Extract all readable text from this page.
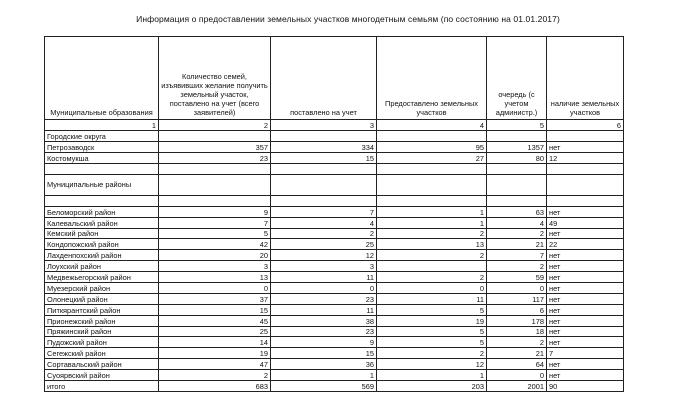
Информация о предоставлении земельных участков многодетным семьям (по состоянию на 01.01.2017)
Муниципальные образования	Количество семей, изъявивших желание получить земельный участок, поставлено на учет (всего заявителей)	поставлено на учет	Предоставлено земельных участков	очередь (с учетом администр.)	наличие земельных участков
1	2	3	4	5	6
Городские округа					
Петрозаводск	357	334	95	1357	нет
Костомукша	23	15	27	80	12

Муниципальные районы					

Беломорский район	9	7	1	63	нет
Калевальский район	7	4	1	4	49
Кемский район	5	2	2	2	нет
Кондопожский район	42	25	13	21	22
Лахденпохский район	20	12	2	7	нет
Лоухский район	3	3		2	нет
Медвежьегорский район	13	11	2	59	нет
Муезерский район	0	0	0	0	нет
Олонецкий район	37	23	11	117	нет
Питкярантский район	15	11	5	6	нет
Прионежский район	45	38	19	178	нет
Пряжинский район	25	23	5	18	нет
Пудожский район	14	9	5	2	нет
Сегежский район	19	15	2	21	7
Сортавальский район	47	36	12	64	нет
Суоярвский район	2	1	1	0	нет
итого	683	569	203	2001	90
